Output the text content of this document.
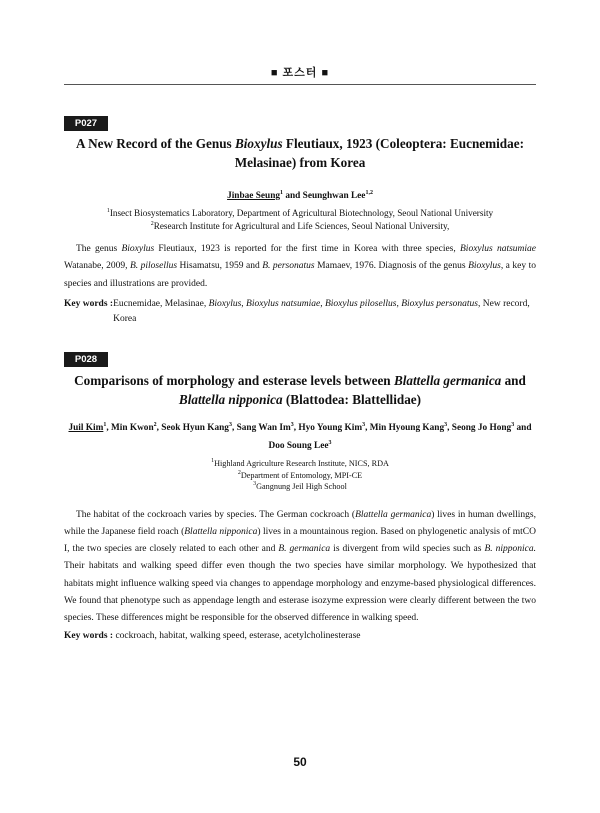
■ 포스터 ■
P027
A New Record of the Genus Bioxylus Fleutiaux, 1923 (Coleoptera: Eucnemidae: Melasinae) from Korea
Jinbae Seung$^1$ and Seunghwan Lee$^{1,2}$
$^1$Insect Biosystematics Laboratory, Department of Agricultural Biotechnology, Seoul National University
$^2$Research Institute for Agricultural and Life Sciences, Seoul National University,
The genus Bioxylus Fleutiaux, 1923 is reported for the first time in Korea with three species, Bioxylus natsumiae Watanabe, 2009, B. pilosellus Hisamatsu, 1959 and B. personatus Mamaev, 1976. Diagnosis of the genus Bioxylus, a key to species and illustrations are provided.
Key words : Eucnemidae, Melasinae, Bioxylus, Bioxylus natsumiae, Bioxylus pilosellus, Bioxylus personatus, New record, Korea
P028
Comparisons of morphology and esterase levels between Blattella germanica and Blattella nipponica (Blattodea: Blattellidae)
Juil Kim$^1$, Min Kwon$^2$, Seok Hyun Kang$^3$, Sang Wan Im$^3$, Hyo Young Kim$^3$, Min Hyoung Kang$^3$, Seong Jo Hong$^3$ and Doo Soung Lee$^3$
$^1$Highland Agriculture Research Institute, NICS, RDA
$^2$Department of Entomology, MPI-CE
$^3$Gangnung Jeil High School
The habitat of the cockroach varies by species. The German cockroach (Blattella germanica) lives in human dwellings, while the Japanese field roach (Blattella nipponica) lives in a mountainous region. Based on phylogenetic analysis of mtCO I, the two species are closely related to each other and B. germanica is divergent from wild species such as B. nipponica. Their habitats and walking speed differ even though the two species have similar morphology. We hypothesized that habitats might influence walking speed via changes to appendage morphology and enzyme-based physiological differences. We found that phenotype such as appendage length and esterase isozyme expression were clearly different between the two species. These differences might be responsible for the observed difference in walking speed.
Key words : cockroach, habitat, walking speed, esterase, acetylcholinesterase
50
